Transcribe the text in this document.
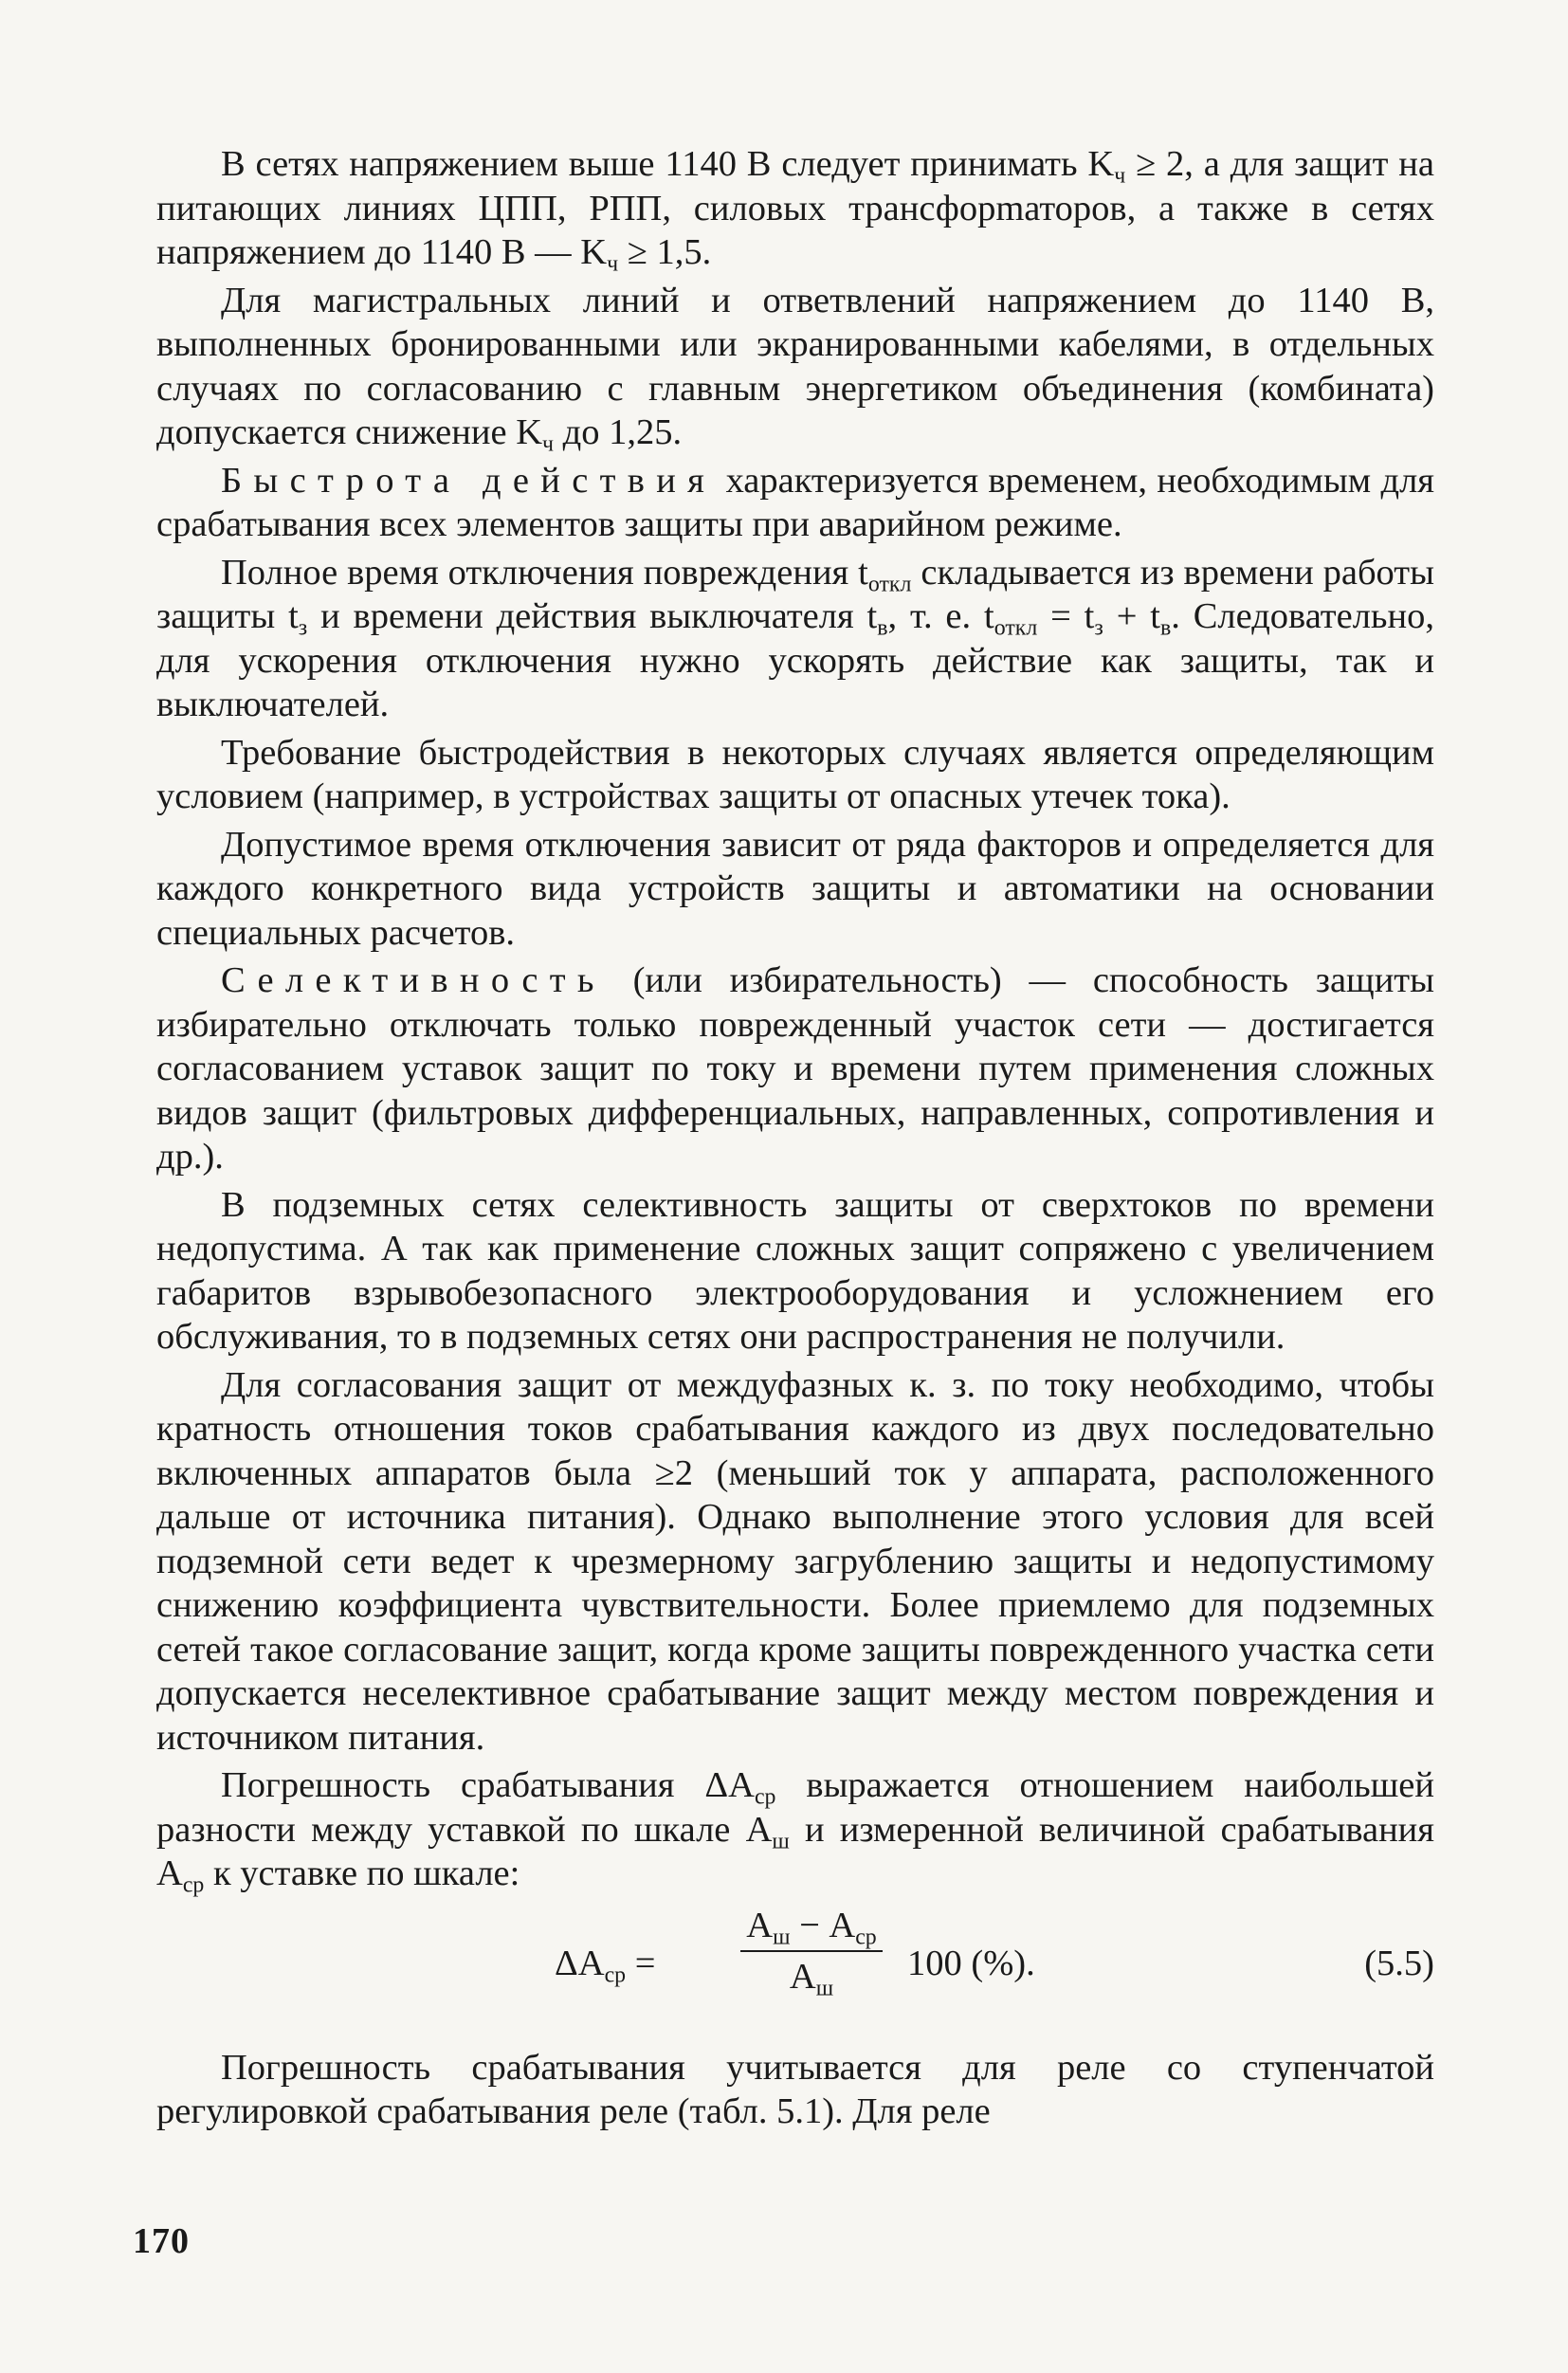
В сетях напряжением выше 1140 В следует принимать $K_ч \ge 2$, а для защит на питающих линиях ЦПП, РПП, силовых трансфорmаторов, а также в сетях напряжением до 1140 В — $K_ч \ge 1,5$.

Для магистральных линий и ответвлений напряжением до 1140 В, выполненных бронированными или экранированными кабелями, в отдельных случаях по согласованию с главным энергетиком объединения (комбината) допускается снижение $K_ч$ до 1,25.

Быстрота действия характеризуется временем, необходимым для срабатывания всех элементов защиты при аварийном режиме.

Полное время отключения повреждения $t_{откл}$ складывается из времени работы защиты $t_з$ и времени действия выключателя $t_в$, т. е. $t_{откл} = t_з + t_в$. Следовательно, для ускорения отключения нужно ускорять действие как защиты, так и выключателей.

Требование быстродействия в некоторых случаях является определяющим условием (например, в устройствах защиты от опасных утечек тока).

Допустимое время отключения зависит от ряда факторов и определяется для каждого конкретного вида устройств защиты и автоматики на основании специальных расчетов.

Селективность (или избирательность) — способность защиты избирательно отключать только поврежденный участок сети — достигается согласованием уставок защит по току и времени путем применения сложных видов защит (фильтровых дифференциальных, направленных, сопротивления и др.).

В подземных сетях селективность защиты от сверхтоков по времени недопустима. А так как применение сложных защит сопряжено с увеличением габаритов взрывобезопасного электрооборудования и усложнением его обслуживания, то в подземных сетях они распространения не получили.

Для согласования защит от междуфазных к. з. по току необходимо, чтобы кратность отношения токов срабатывания каждого из двух последовательно включенных аппаратов была ≥2 (меньший ток у аппарата, расположенного дальше от источника питания). Однако выполнение этого условия для всей подземной сети ведет к чрезмерному загрублению защиты и недопустимому снижению коэффициента чувствительности. Более приемлемо для подземных сетей такое согласование защит, когда кроме защиты поврежденного участка сети допускается неселективное срабатывание защит между местом повреждения и источником питания.

Погрешность срабатывания $\Delta A_{ср}$ выражается отношением наибольшей разности между уставкой по шкале $A_ш$ и измеренной величиной срабатывания $A_{ср}$ к уставке по шкале:

$\Delta A_{ср}$ =
$A_ш - A_{ср}$
$A_ш$
100 (%).	(5.5)

Погрешность срабатывания учитывается для реле со ступенчатой регулировкой срабатывания реле (табл. 5.1). Для реле

170
